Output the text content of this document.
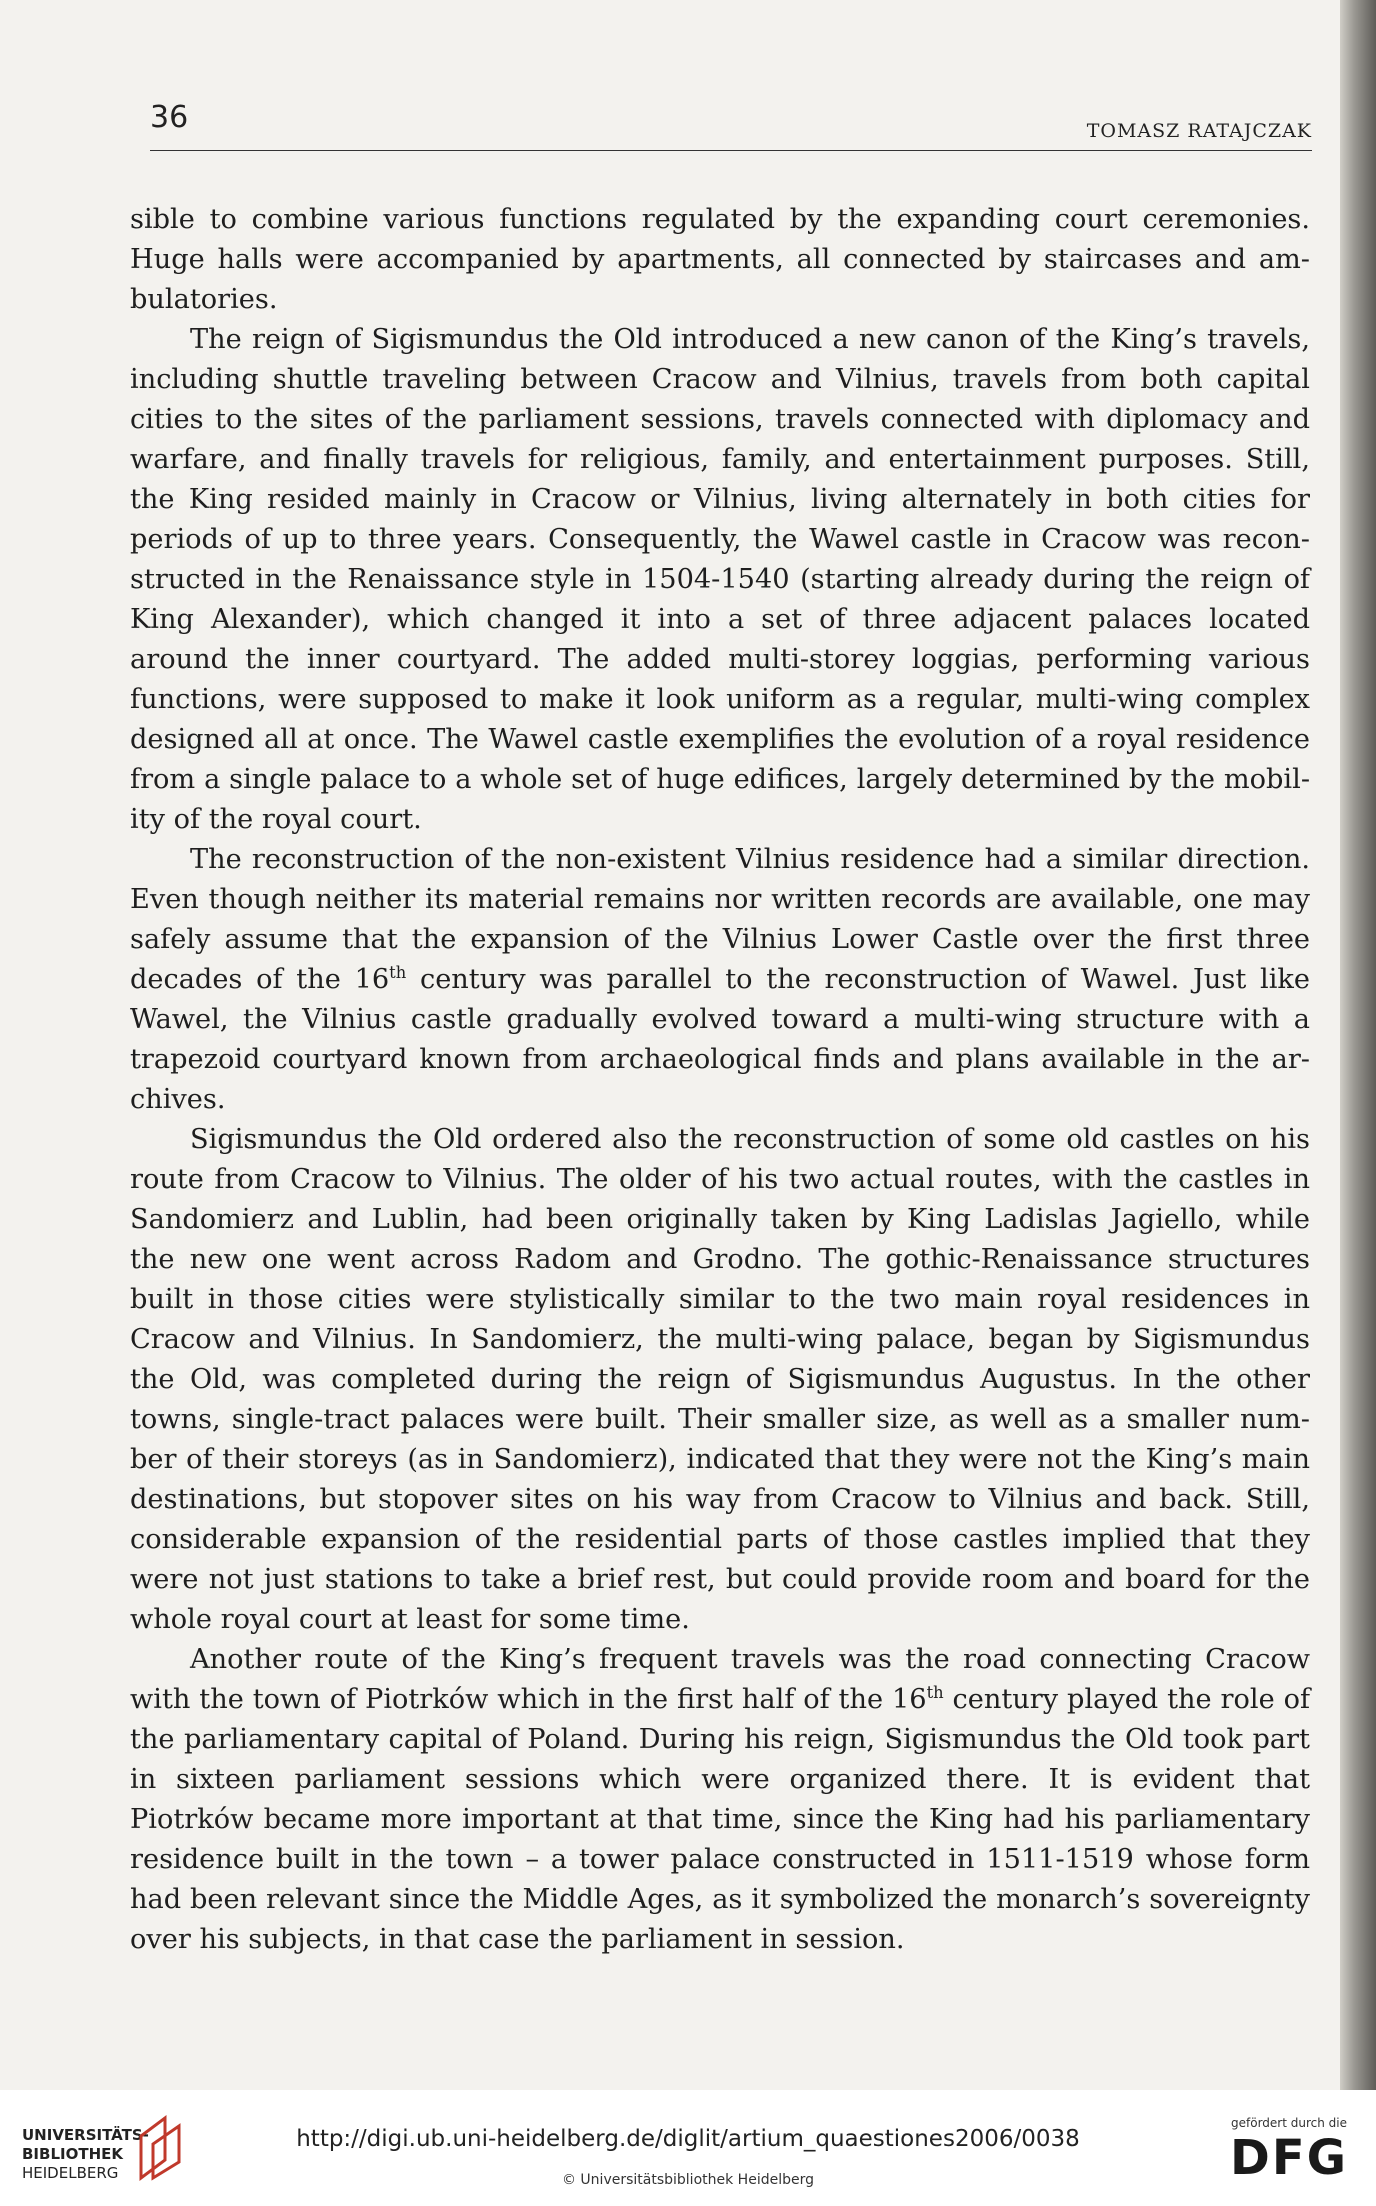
36	TOMASZ RATAJCZAK

sible to combine various functions regulated by the expanding court ceremonies. Huge halls were accompanied by apartments, all connected by staircases and am- bulatories.

The reign of Sigismundus the Old introduced a new canon of the King’s travels, including shuttle traveling between Cracow and Vilnius, travels from both capital cities to the sites of the parliament sessions, travels connected with diplomacy and warfare, and finally travels for religious, family, and entertainment purposes. Still, the King resided mainly in Cracow or Vilnius, living alternately in both cities for periods of up to three years. Consequently, the Wawel castle in Cracow was recon- structed in the Renaissance style in 1504-1540 (starting already during the reign of King Alexander), which changed it into a set of three adjacent palaces located around the inner courtyard. The added multi-storey loggias, performing various functions, were supposed to make it look uniform as a regular, multi-wing complex designed all at once. The Wawel castle exemplifies the evolution of a royal residence from a single palace to a whole set of huge edifices, largely determined by the mobil- ity of the royal court.

The reconstruction of the non-existent Vilnius residence had a similar direction. Even though neither its material remains nor written records are available, one may safely assume that the expansion of the Vilnius Lower Castle over the first three decades of the 16th century was parallel to the reconstruction of Wawel. Just like Wawel, the Vilnius castle gradually evolved toward a multi-wing structure with a trapezoid courtyard known from archaeological finds and plans available in the ar- chives.

Sigismundus the Old ordered also the reconstruction of some old castles on his route from Cracow to Vilnius. The older of his two actual routes, with the castles in Sandomierz and Lublin, had been originally taken by King Ladislas Jagiello, while the new one went across Radom and Grodno. The gothic-Renaissance structures built in those cities were stylistically similar to the two main royal residences in Cracow and Vilnius. In Sandomierz, the multi-wing palace, began by Sigismundus the Old, was completed during the reign of Sigismundus Augustus. In the other towns, single-tract palaces were built. Their smaller size, as well as a smaller num- ber of their storeys (as in Sandomierz), indicated that they were not the King’s main destinations, but stopover sites on his way from Cracow to Vilnius and back. Still, considerable expansion of the residential parts of those castles implied that they were not just stations to take a brief rest, but could provide room and board for the whole royal court at least for some time.

Another route of the King’s frequent travels was the road connecting Cracow with the town of Piotrków which in the first half of the 16th century played the role of the parliamentary capital of Poland. During his reign, Sigismundus the Old took part in sixteen parliament sessions which were organized there. It is evident that Piotrków became more important at that time, since the King had his parliamentary residence built in the town – a tower palace constructed in 1511-1519 whose form had been relevant since the Middle Ages, as it symbolized the monarch’s sovereignty over his subjects, in that case the parliament in session.

UNIVERSITÄTS-
BIBLIOTHEK
HEIDELBERG
http://digi.ub.uni-heidelberg.de/diglit/artium_quaestiones2006/0038
© Universitätsbibliothek Heidelberg
gefördert durch die
DFG
